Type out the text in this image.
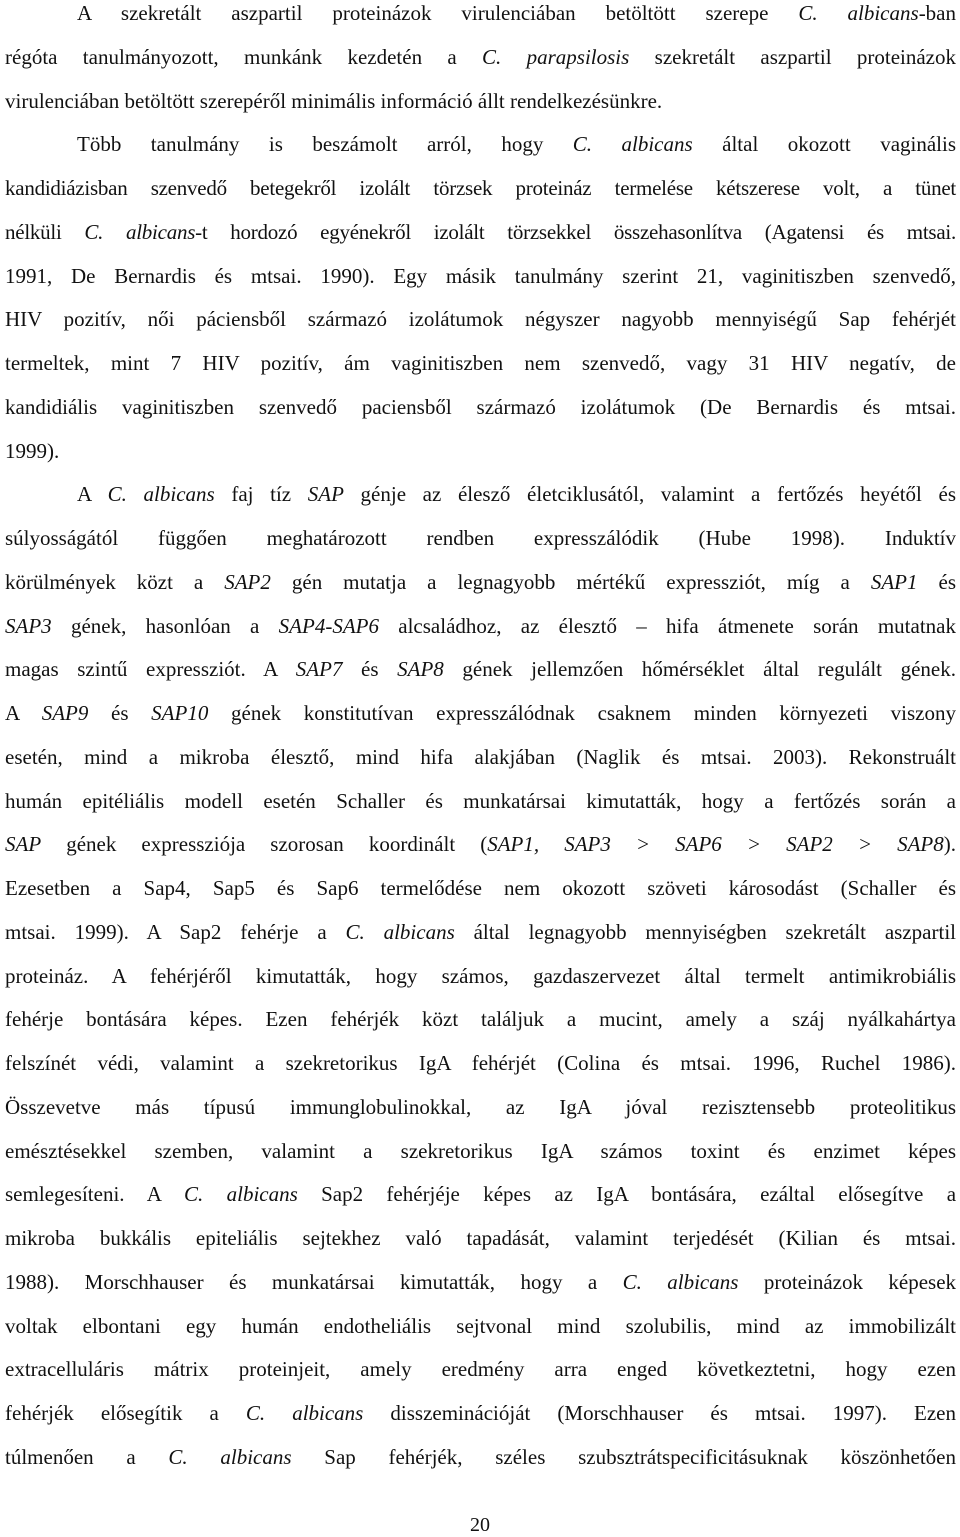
A szekretált aszpartil proteinázok virulenciában betöltött szerepe C. albicans-ban
régóta tanulmányozott, munkánk kezdetén a C. parapsilosis szekretált aszpartil proteinázok
virulenciában betöltött szerepéről minimális információ állt rendelkezésünkre.
Több tanulmány is beszámolt arról, hogy C. albicans által okozott vaginális
kandidiázisban szenvedő betegekről izolált törzsek proteináz termelése kétszerese volt, a tünet
nélküli C. albicans-t hordozó egyénekről izolált törzsekkel összehasonlítva (Agatensi és mtsai.
1991, De Bernardis és mtsai. 1990). Egy másik tanulmány szerint 21, vaginitiszben szenvedő,
HIV pozitív, női páciensből származó izolátumok négyszer nagyobb mennyiségű Sap fehérjét
termeltek, mint 7 HIV pozitív, ám vaginitiszben nem szenvedő, vagy 31 HIV negatív, de
kandidiális vaginitiszben szenvedő paciensből származó izolátumok (De Bernardis és mtsai.
1999).
A C. albicans faj tíz SAP génje az élesző életciklusától, valamint a fertőzés heyétől és
súlyosságától függően meghatározott rendben expresszálódik (Hube 1998). Induktív
körülmények közt a SAP2 gén mutatja a legnagyobb mértékű expressziót, míg a SAP1 és
SAP3 gének, hasonlóan a SAP4-SAP6 alcsaládhoz, az élesztő – hifa átmenete során mutatnak
magas szintű expressziót. A SAP7 és SAP8 gének jellemzően hőmérséklet által regulált gének.
A SAP9 és SAP10 gének konstitutívan expresszálódnak csaknem minden környezeti viszony
esetén, mind a mikroba élesztő, mind hifa alakjában (Naglik és mtsai. 2003). Rekonstruált
humán epitéliális modell esetén Schaller és munkatársai kimutatták, hogy a fertőzés során a
SAP gének expressziója szorosan koordinált (SAP1, SAP3 > SAP6 > SAP2 > SAP8).
Ezesetben a Sap4, Sap5 és Sap6 termelődése nem okozott szöveti károsodást (Schaller és
mtsai. 1999). A Sap2 fehérje a C. albicans által legnagyobb mennyiségben szekretált aszpartil
proteináz. A fehérjéről kimutatták, hogy számos, gazdaszervezet által termelt antimikrobiális
fehérje bontására képes. Ezen fehérjék közt találjuk a mucint, amely a száj nyálkahártya
felszínét védi, valamint a szekretorikus IgA fehérjét (Colina és mtsai. 1996, Ruchel 1986).
Összevetve más típusú immunglobulinokkal, az IgA jóval rezisztensebb proteolitikus
emésztésekkel szemben, valamint a szekretorikus IgA számos toxint és enzimet képes
semlegesíteni. A C. albicans Sap2 fehérjéje képes az IgA bontására, ezáltal elősegítve a
mikroba bukkális epiteliális sejtekhez való tapadását, valamint terjedését (Kilian és mtsai.
1988). Morschhauser és munkatársai kimutatták, hogy a C. albicans proteinázok képesek
voltak elbontani egy humán endotheliális sejtvonal mind szolubilis, mind az immobilizált
extracelluláris mátrix proteinjeit, amely eredmény arra enged következtetni, hogy ezen
fehérjék elősegítik a C. albicans disszeminációját (Morschhauser és mtsai. 1997). Ezen
túlmenően a C. albicans Sap fehérjék, széles szubsztrátspecificitásuknak köszönhetően
20
